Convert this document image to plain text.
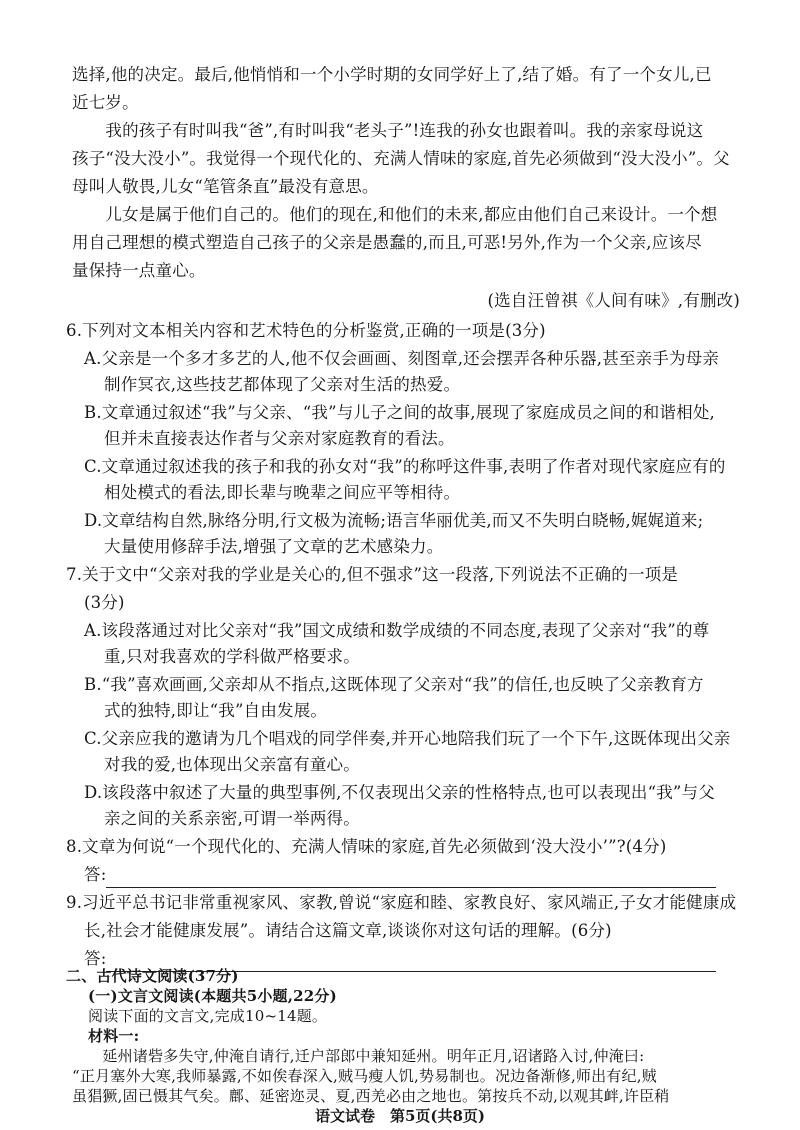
选择,他的决定。最后,他悄悄和一个小学时期的女同学好上了,结了婚。有了一个女儿,已
近七岁。
　　我的孩子有时叫我“爸”,有时叫我“老头子”!连我的孙女也跟着叫。我的亲家母说这
孩子“没大没小”。我觉得一个现代化的、充满人情味的家庭,首先必须做到“没大没小”。父
母叫人敬畏,儿女“笔管条直”最没有意思。
　　儿女是属于他们自己的。他们的现在,和他们的未来,都应由他们自己来设计。一个想
用自己理想的模式塑造自己孩子的父亲是愚蠢的,而且,可恶!另外,作为一个父亲,应该尽
量保持一点童心。
(选自汪曾祺《人间有味》,有删改)
6.下列对文本相关内容和艺术特色的分析鉴赏,正确的一项是(3分)
A.父亲是一个多才多艺的人,他不仅会画画、刻图章,还会摆弄各种乐器,甚至亲手为母亲
制作冥衣,这些技艺都体现了父亲对生活的热爱。
B.文章通过叙述“我”与父亲、“我”与儿子之间的故事,展现了家庭成员之间的和谐相处,
但并未直接表达作者与父亲对家庭教育的看法。
C.文章通过叙述我的孩子和我的孙女对“我”的称呼这件事,表明了作者对现代家庭应有的
相处模式的看法,即长辈与晚辈之间应平等相待。
D.文章结构自然,脉络分明,行文极为流畅;语言华丽优美,而又不失明白晓畅,娓娓道来;
大量使用修辞手法,增强了文章的艺术感染力。
7.关于文中“父亲对我的学业是关心的,但不强求”这一段落,下列说法不正确的一项是
(3分)
A.该段落通过对比父亲对“我”国文成绩和数学成绩的不同态度,表现了父亲对“我”的尊
重,只对我喜欢的学科做严格要求。
B.“我”喜欢画画,父亲却从不指点,这既体现了父亲对“我”的信任,也反映了父亲教育方
式的独特,即让“我”自由发展。
C.父亲应我的邀请为几个唱戏的同学伴奏,并开心地陪我们玩了一个下午,这既体现出父亲
对我的爱,也体现出父亲富有童心。
D.该段落中叙述了大量的典型事例,不仅表现出父亲的性格特点,也可以表现出“我”与父
亲之间的关系亲密,可谓一举两得。
8.文章为何说“一个现代化的、充满人情味的家庭,首先必须做到‘没大没小’”?(4分)
答:
9.习近平总书记非常重视家风、家教,曾说“家庭和睦、家教良好、家风端正,子女才能健康成
长,社会才能健康发展”。请结合这篇文章,谈谈你对这句话的理解。(6分)
答:
二、古代诗文阅读(37分)
(一)文言文阅读(本题共5小题,22分)
阅读下面的文言文,完成10~14题。
语文试卷　第5页(共8页)
材料一:
　　延州诸砦多失守,仲淹自请行,迁户部郎中兼知延州。明年正月,诏诸路入讨,仲淹曰:
“正月塞外大寒,我师暴露,不如俟春深入,贼马瘦人饥,势易制也。况边备渐修,师出有纪,贼
虽猖獗,固已慑其气矣。鄜、延密迩灵、夏,西羌必由之地也。第按兵不动,以观其衅,许臣稍
